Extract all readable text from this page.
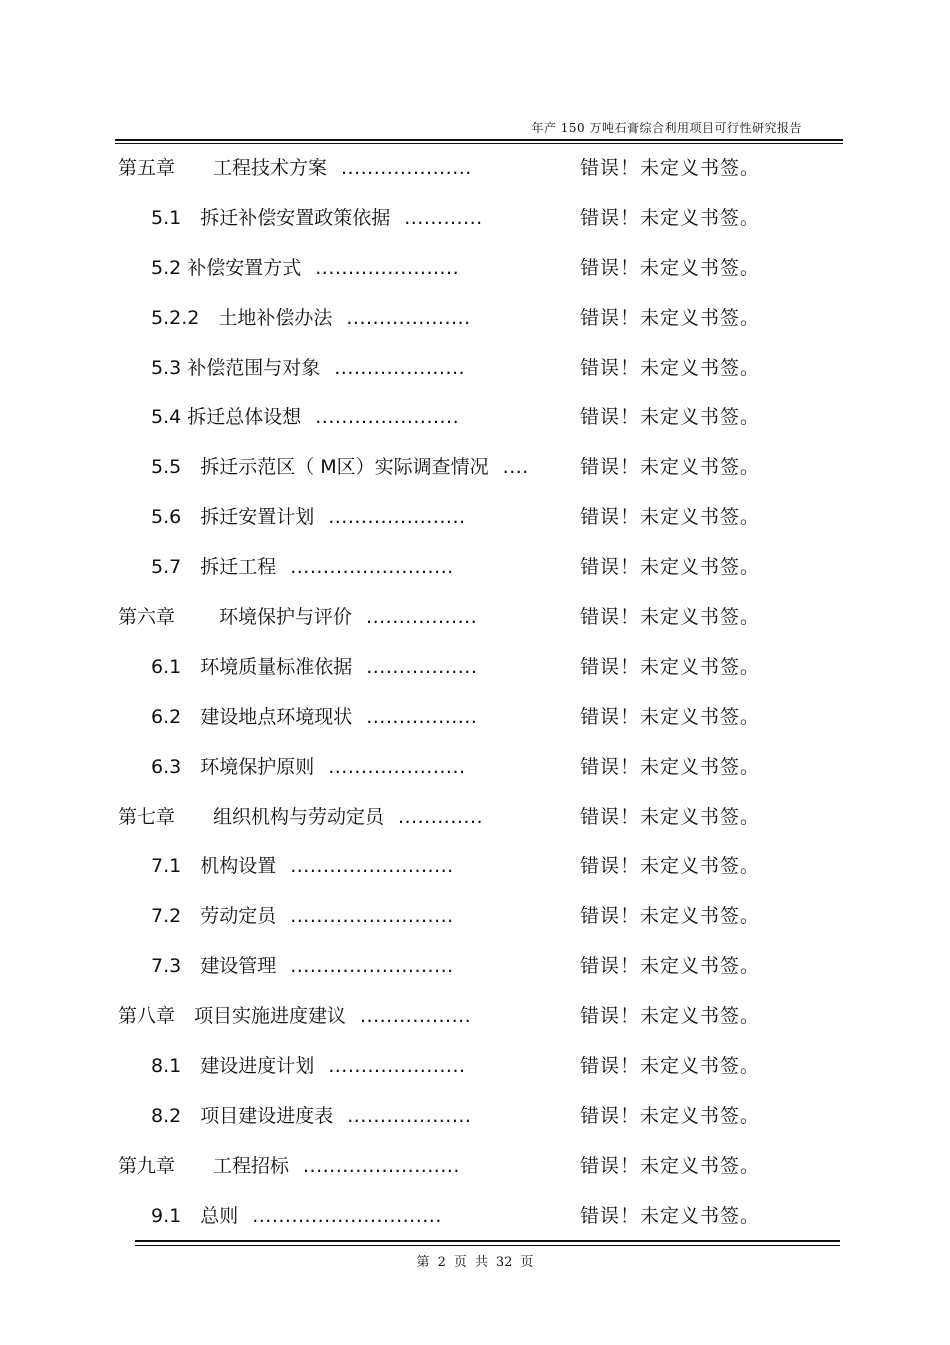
年产 150 万吨石膏综合利用项目可行性研究报告
第五章　　工程技术方案 ....................	错误！未定义书签。
5.1　拆迁补偿安置政策依据 ............	错误！未定义书签。
5.2 补偿安置方式 ......................	错误！未定义书签。
5.2.2　土地补偿办法 ...................	错误！未定义书签。
5.3 补偿范围与对象 ....................	错误！未定义书签。
5.4 拆迁总体设想 ......................	错误！未定义书签。
5.5　拆迁示范区（ M区）实际调查情况 ....	错误！未定义书签。
5.6　拆迁安置计划 .....................	错误！未定义书签。
5.7　拆迁工程 .........................	错误！未定义书签。
第六章　　 环境保护与评价 .................	错误！未定义书签。
6.1　环境质量标准依据 .................	错误！未定义书签。
6.2　建设地点环境现状 .................	错误！未定义书签。
6.3　环境保护原则 .....................	错误！未定义书签。
第七章　　组织机构与劳动定员 .............	错误！未定义书签。
7.1　机构设置 .........................	错误！未定义书签。
7.2　劳动定员 .........................	错误！未定义书签。
7.3　建设管理 .........................	错误！未定义书签。
第八章　项目实施进度建议 .................	错误！未定义书签。
8.1　建设进度计划 .....................	错误！未定义书签。
8.2　项目建设进度表 ...................	错误！未定义书签。
第九章　　工程招标 ........................	错误！未定义书签。
9.1　总则 .............................	错误！未定义书签。
第 2 页 共 32 页
